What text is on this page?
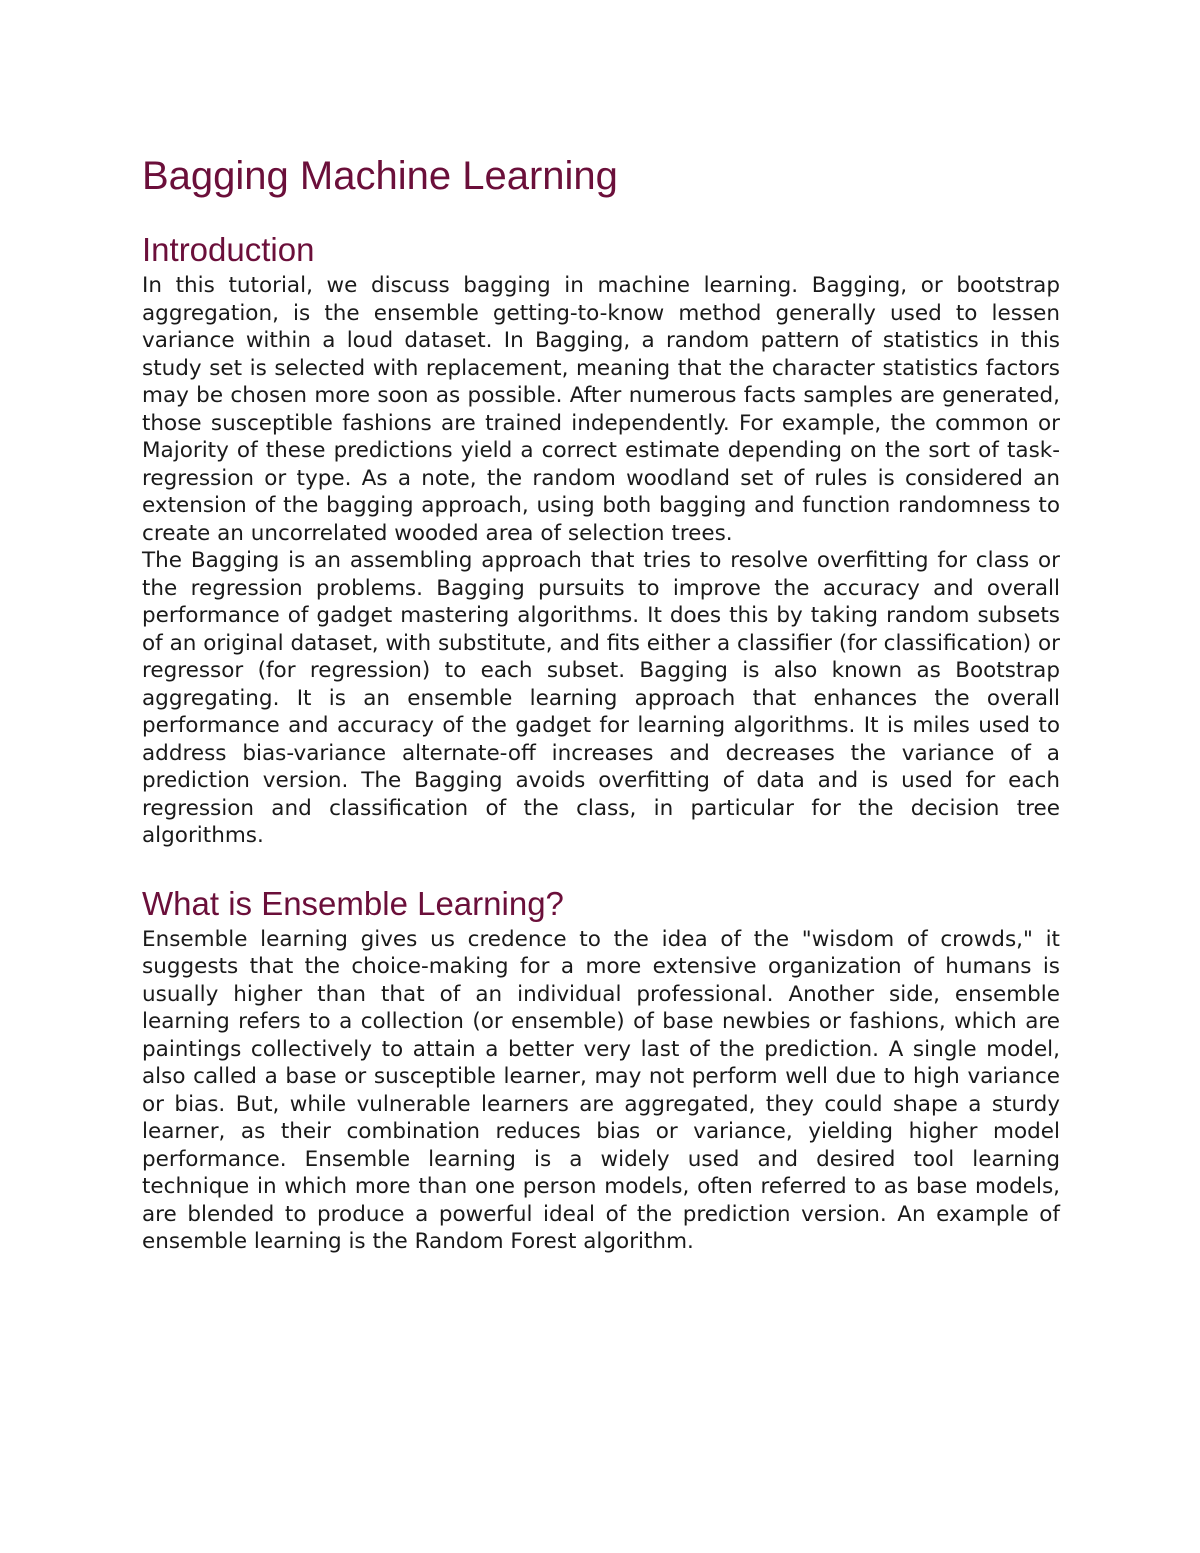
Bagging Machine Learning
Introduction

In this tutorial, we discuss bagging in machine learning. Bagging, or bootstrap aggregation, is the ensemble getting-to-know method generally used to lessen variance within a loud dataset. In Bagging, a random pattern of statistics in this study set is selected with replacement, meaning that the character statistics factors may be chosen more soon as possible. After numerous facts samples are generated, those susceptible fashions are trained independently. For example, the common or Majority of these predictions yield a correct estimate depending on the sort of task- regression or type. As a note, the random woodland set of rules is considered an extension of the bagging approach, using both bagging and function randomness to create an uncorrelated wooded area of selection trees.

The Bagging is an assembling approach that tries to resolve overfitting for class or the regression problems. Bagging pursuits to improve the accuracy and overall performance of gadget mastering algorithms. It does this by taking random subsets of an original dataset, with substitute, and fits either a classifier (for classification) or regressor (for regression) to each subset. Bagging is also known as Bootstrap aggregating. It is an ensemble learning approach that enhances the overall performance and accuracy of the gadget for learning algorithms. It is miles used to address bias-variance alternate-off increases and decreases the variance of a prediction version. The Bagging avoids overfitting of data and is used for each regression and classification of the class, in particular for the decision tree algorithms.

What is Ensemble Learning?

Ensemble learning gives us credence to the idea of the "wisdom of crowds," it suggests that the choice-making for a more extensive organization of humans is usually higher than that of an individual professional. Another side, ensemble learning refers to a collection (or ensemble) of base newbies or fashions, which are paintings collectively to attain a better very last of the prediction. A single model, also called a base or susceptible learner, may not perform well due to high variance or bias. But, while vulnerable learners are aggregated, they could shape a sturdy learner, as their combination reduces bias or variance, yielding higher model performance. Ensemble learning is a widely used and desired tool learning technique in which more than one person models, often referred to as base models, are blended to produce a powerful ideal of the prediction version. An example of ensemble learning is the Random Forest algorithm.
